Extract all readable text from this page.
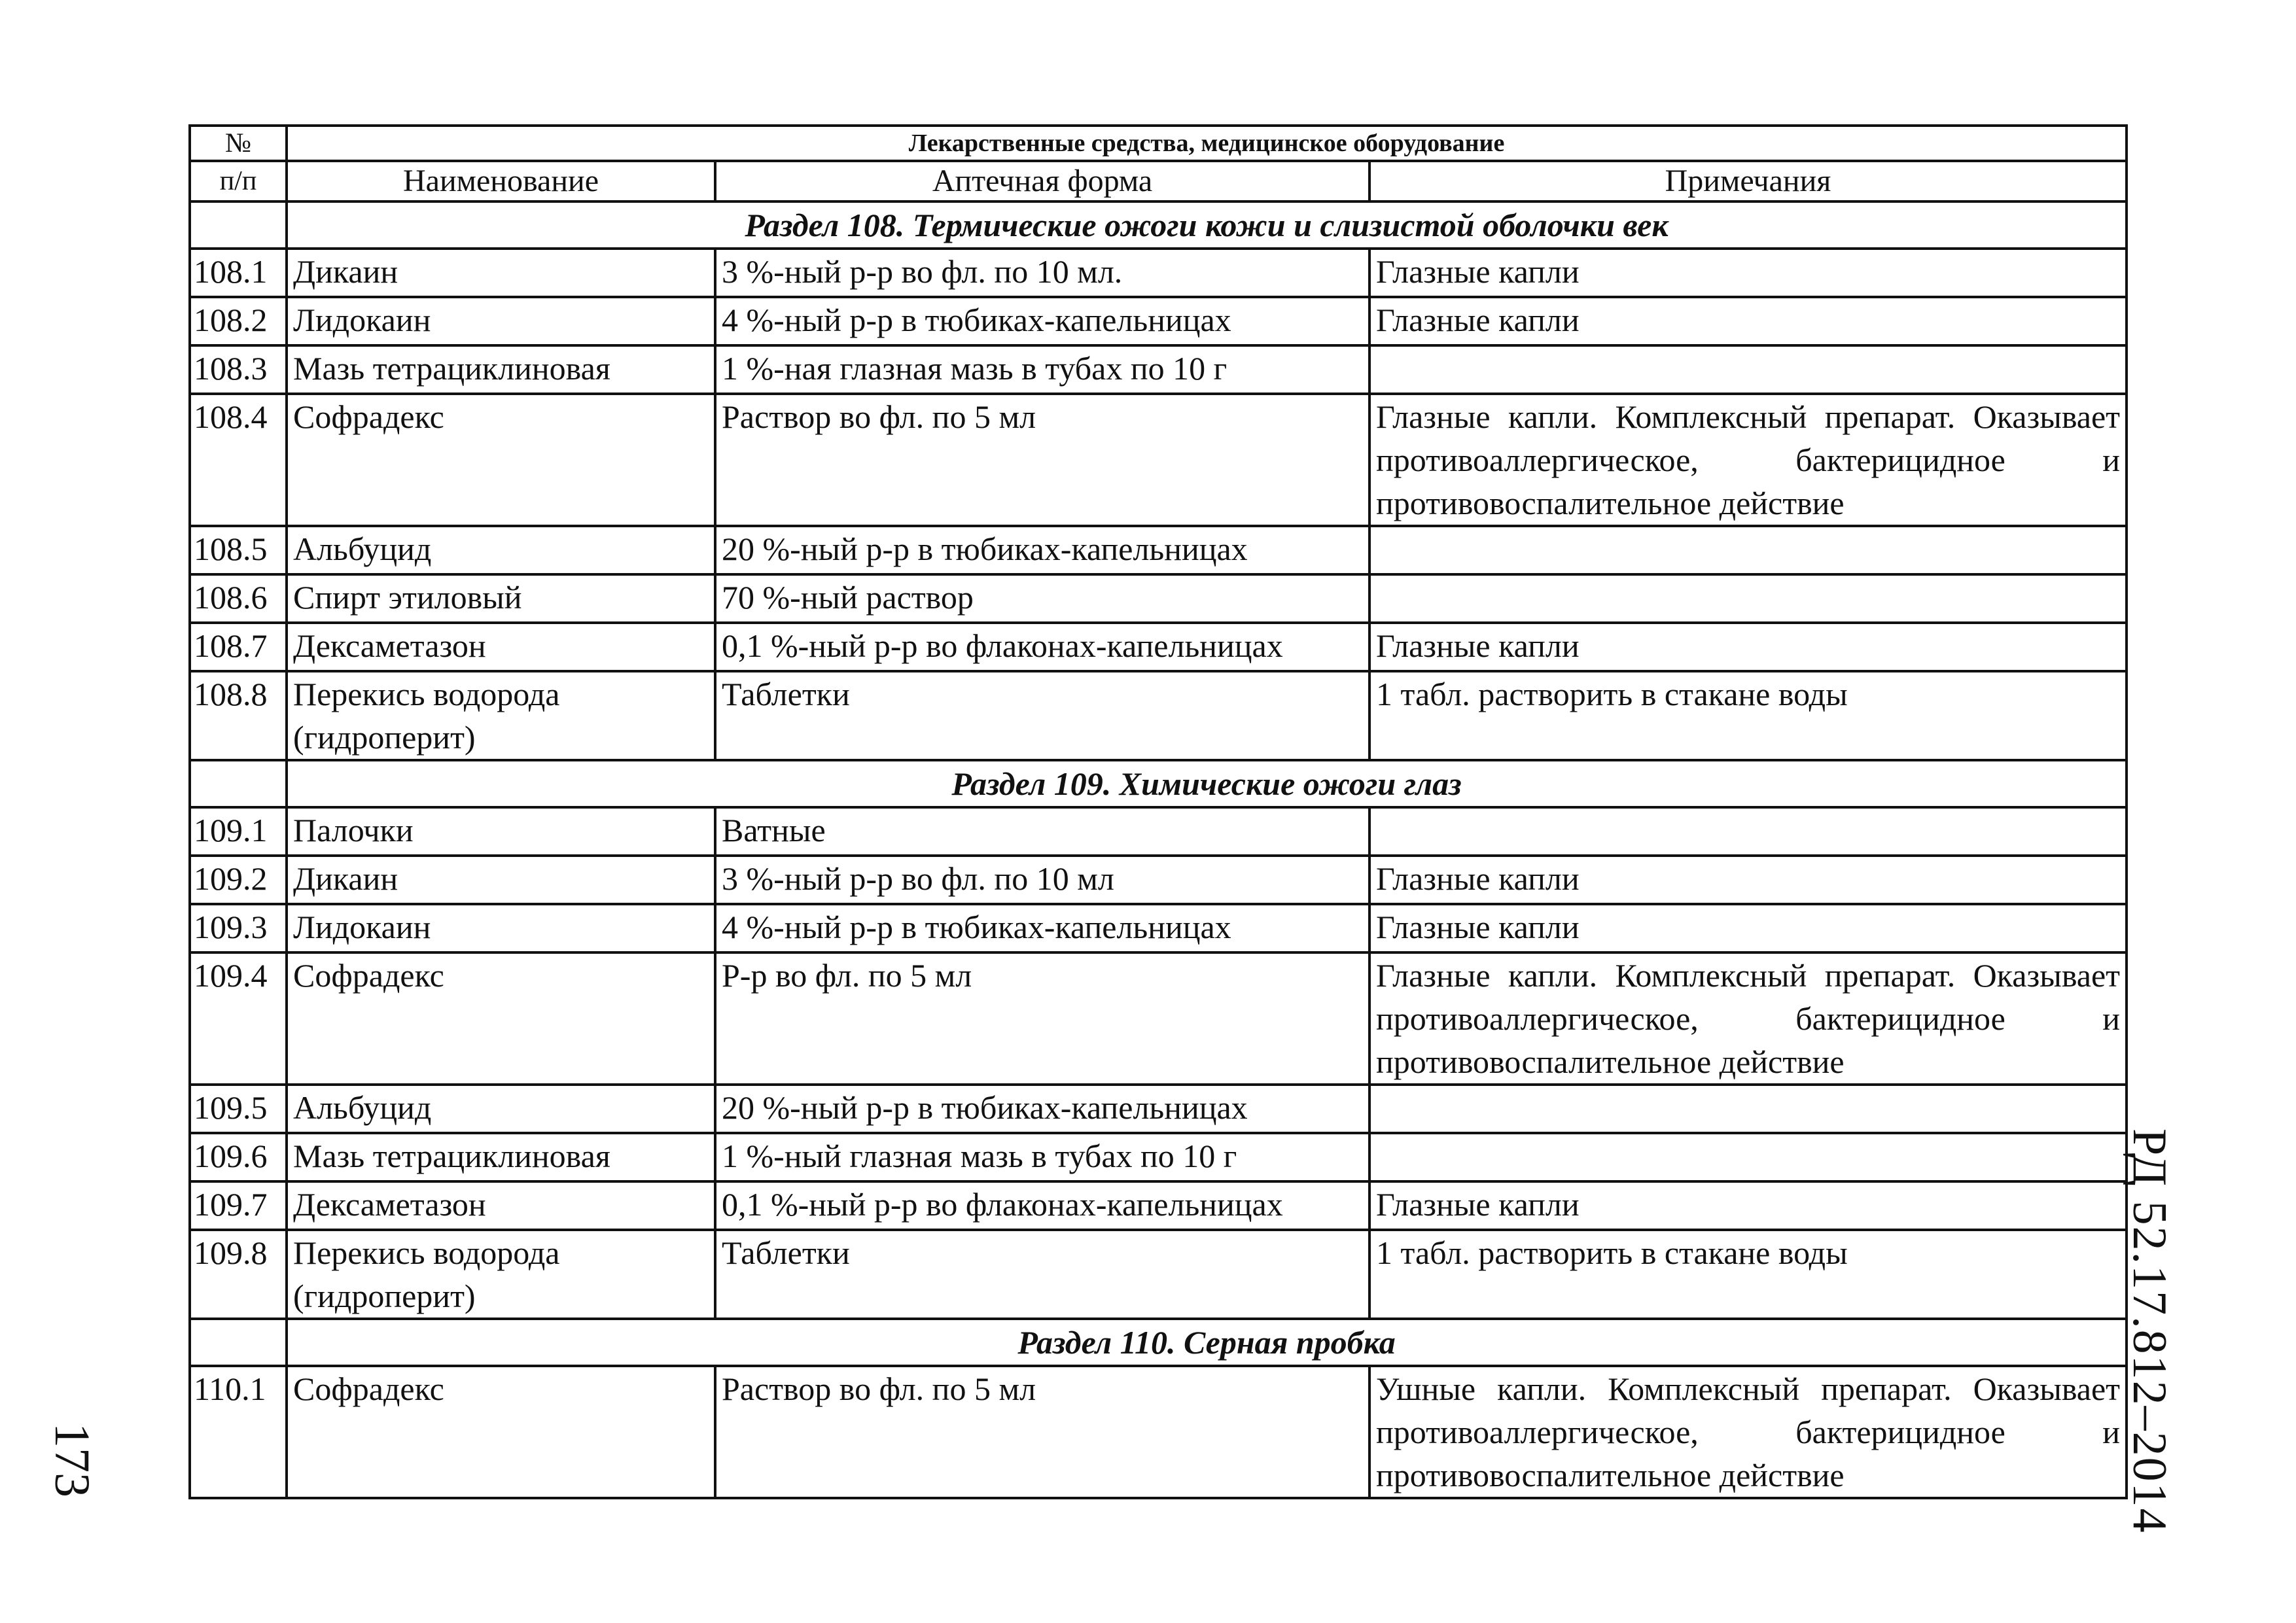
№	Лекарственные средства, медицинское оборудование		
п/п	Наименование	Аптечная форма	Примечания
	Раздел 108. Термические ожоги кожи и слизистой оболочки век		
108.1	Дикаин	3 %-ный р-р во фл. по 10 мл.	Глазные капли
108.2	Лидокаин	4 %-ный р-р в тюбиках-капельницах	Глазные капли
108.3	Мазь тетрациклиновая	1 %-ная глазная мазь в тубах по 10 г	
108.4	Софрадекс	Раствор во фл. по 5 мл	Глазные капли. Комплексный препарат. Оказывает противоаллергическое, бактерицидное и противовоспалительное действие
108.5	Альбуцид	20 %-ный р-р в тюбиках-капельницах	
108.6	Спирт этиловый	70 %-ный раствор	
108.7	Дексаметазон	0,1 %-ный р-р во флаконах-капельницах	Глазные капли
108.8	Перекись водорода (гидроперит)	Таблетки	1 табл. растворить в стакане воды
	Раздел 109. Химические ожоги глаз		
109.1	Палочки	Ватные	
109.2	Дикаин	3 %-ный р-р во фл. по 10 мл	Глазные капли
109.3	Лидокаин	4 %-ный р-р в тюбиках-капельницах	Глазные капли
109.4	Софрадекс	Р-р во фл. по 5 мл	Глазные капли. Комплексный препарат. Оказывает противоаллергическое, бактерицидное и противовоспалительное действие
109.5	Альбуцид	20 %-ный р-р в тюбиках-капельницах	
109.6	Мазь тетрациклиновая	1 %-ный глазная мазь в тубах по 10 г	
109.7	Дексаметазон	0,1 %-ный р-р во флаконах-капельницах	Глазные капли
109.8	Перекись водорода (гидроперит)	Таблетки	1 табл. растворить в стакане воды
	Раздел 110. Серная пробка		
110.1	Софрадекс	Раствор во фл. по 5 мл	Ушные капли. Комплексный препарат. Оказывает противоаллергическое, бактерицидное и противовоспалительное действие	РД 52.17.812–2014
173
